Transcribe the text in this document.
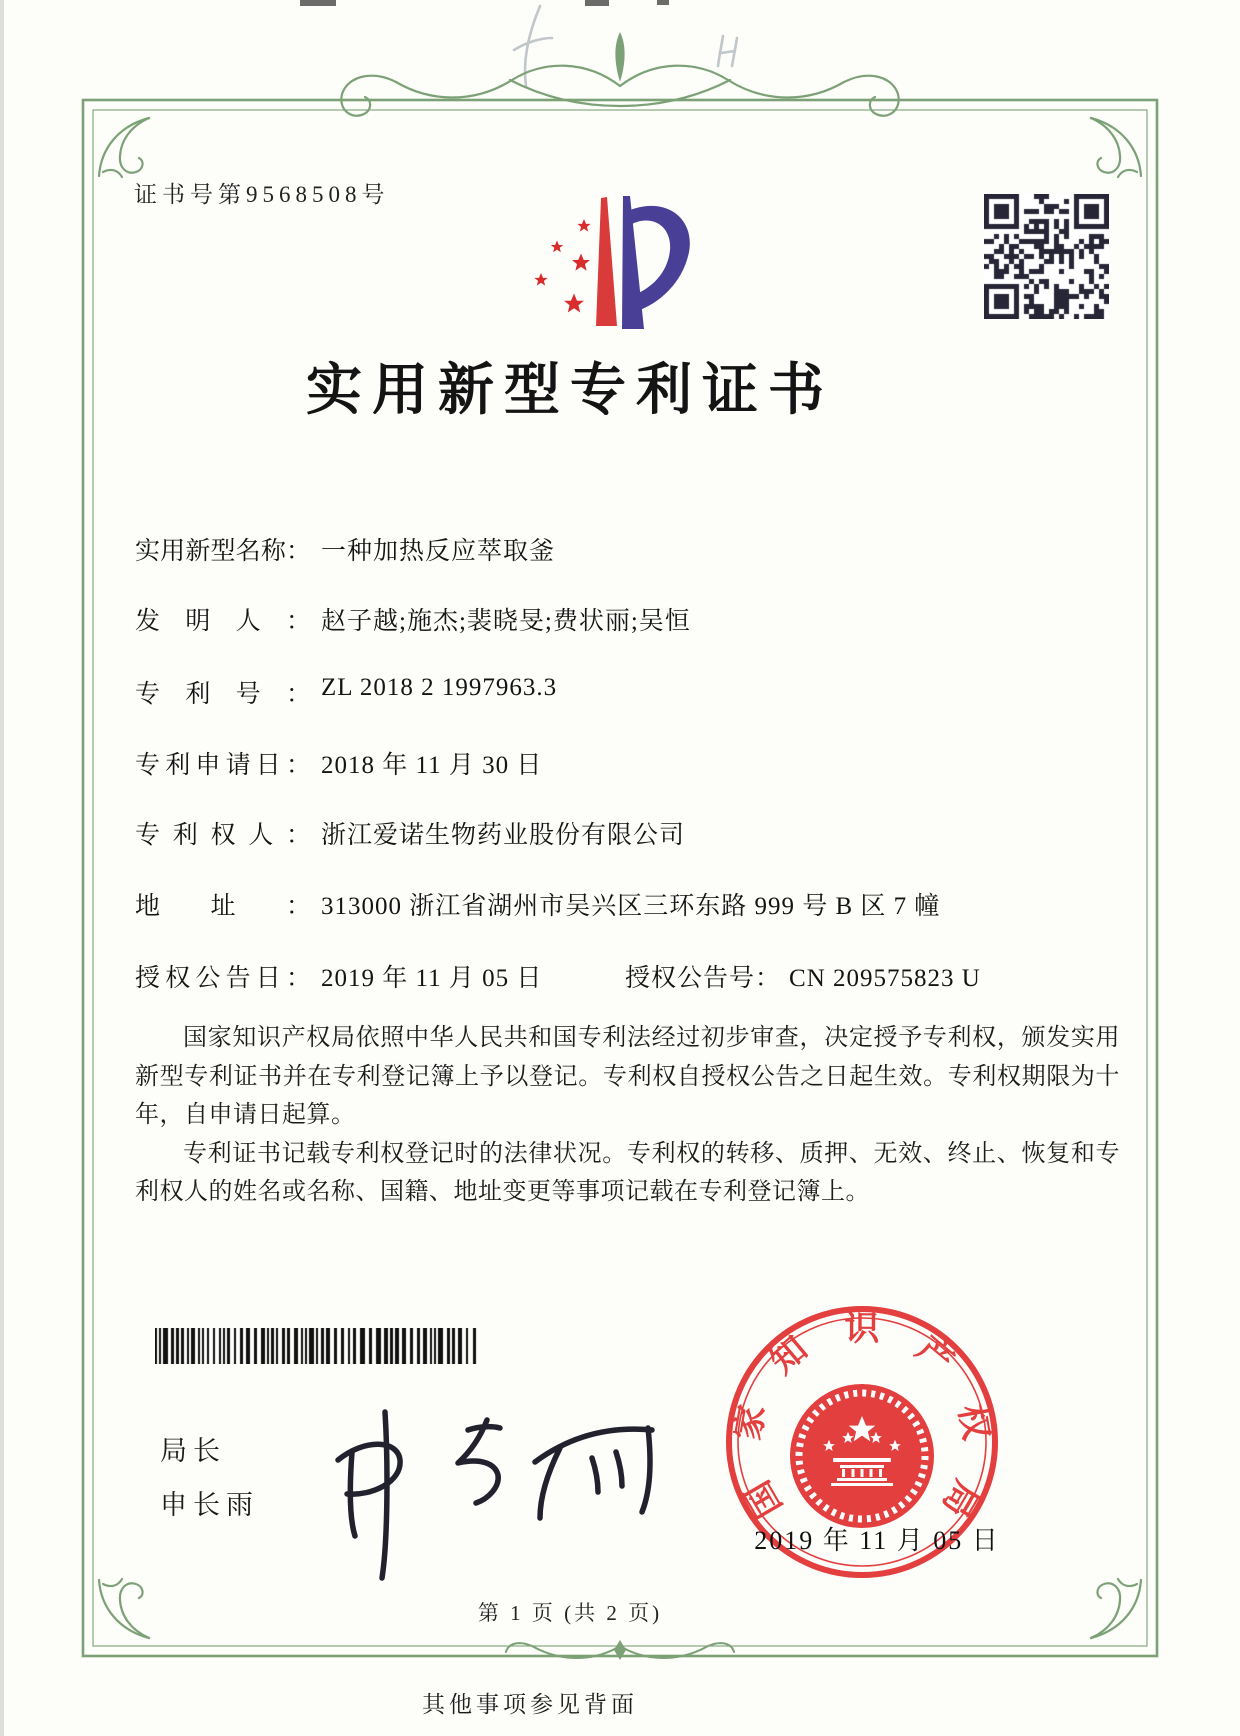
证书号第9568508号
实用新型专利证书
实用新型名称： 一种加热反应萃取釜
发明人： 赵子越;施杰;裴晓旻;费状丽;吴恒
专利号： ZL 2018 2 1997963.3
专利申请日： 2018 年 11 月 30 日
专利权人： 浙江爱诺生物药业股份有限公司
地址： 313000 浙江省湖州市吴兴区三环东路 999 号 B 区 7 幢
授权公告日： 2019 年 11 月 05 日	授权公告号： CN 209575823 U

国家知识产权局依照中华人民共和国专利法经过初步审查，决定授予专利权，颁发实用新型专利证书并在专利登记簿上予以登记。专利权自授权公告之日起生效。专利权期限为十年，自申请日起算。

专利证书记载专利权登记时的法律状况。专利权的转移、质押、无效、终止、恢复和专利权人的姓名或名称、国籍、地址变更等事项记载在专利登记簿上。

局长
申长雨	国家知识产权局
2019 年 11 月 05 日
第 1 页 (共 2 页)
其他事项参见背面
